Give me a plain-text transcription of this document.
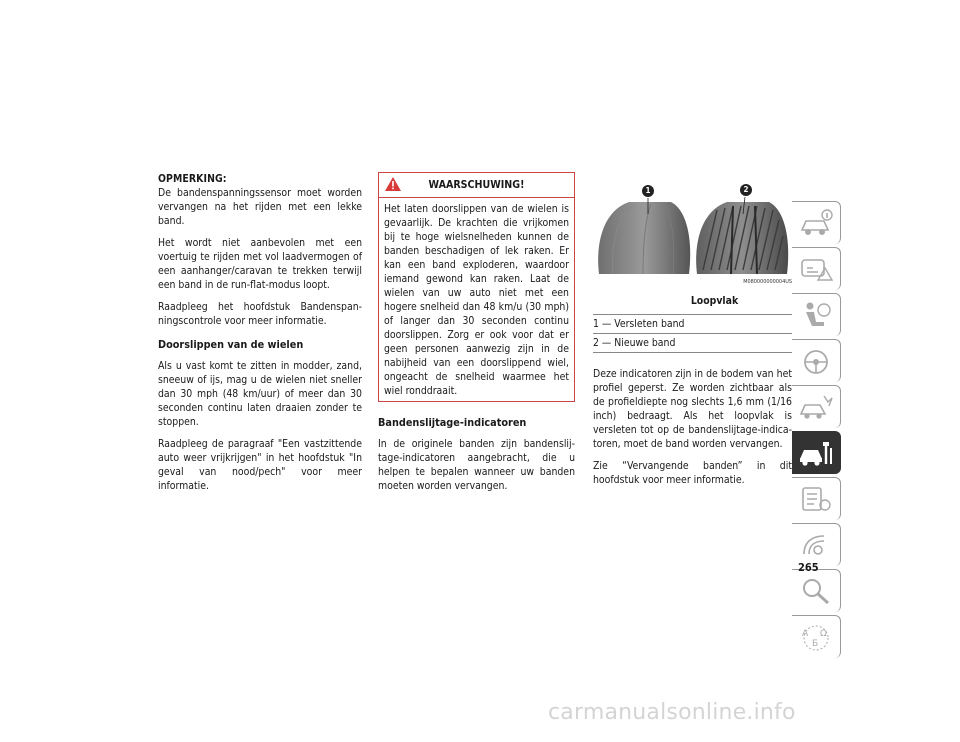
OPMERKING:

De bandenspanningssensor moet worden vervangen na het rijden met een lekke band.

Het wordt niet aanbevolen met een voertuig te rijden met vol laadvermogen of een aanhanger/caravan te trekken terwijl een band in de run-flat-modus loopt.

Raadpleeg het hoofdstuk Bandenspan-ningscontrole voor meer informatie.

Doorslippen van de wielen

Als u vast komt te zitten in modder, zand, sneeuw of ijs, mag u de wielen niet sneller dan 30 mph (48 km/uur) of meer dan 30 seconden continu laten draaien zonder te stoppen.

Raadpleeg de paragraaf "Een vastzittende auto weer vrijkrijgen" in het hoofdstuk "In geval van nood/pech" voor meer informatie.

WAARSCHUWING!

Het laten doorslippen van de wielen is gevaarlijk. De krachten die vrijkomen bij te hoge wielsnelheden kunnen de banden beschadigen of lek raken. Er kan een band exploderen, waardoor iemand gewond kan raken. Laat de wielen van uw auto niet met een hogere snelheid dan 48 km/u (30 mph) of langer dan 30 seconden continu doorslippen. Zorg er ook voor dat er geen personen aanwezig zijn in de nabijheid van een doorslippend wiel, ongeacht de snelheid waarmee het wiel ronddraait.

Bandenslijtage-indicatoren

In de originele banden zijn bandenslij-tage-indicatoren aangebracht, die u helpen te bepalen wanneer uw banden moeten worden vervangen.

1	2
M080000000004US
Loopvlak
1 — Versleten band
2 — Nieuwe band

Deze indicatoren zijn in de bodem van het profiel geperst. Ze worden zichtbaar als de profieldiepte nog slechts 1,6 mm (1/16 inch) bedraagt. Als het loopvlak is versleten tot op de bandenslijtage-indica-toren, moet de band worden vervangen.

Zie “Vervangende banden” in dit hoofdstuk voor meer informatie.

A
Б
Ω
265
carmanualsonline.info
